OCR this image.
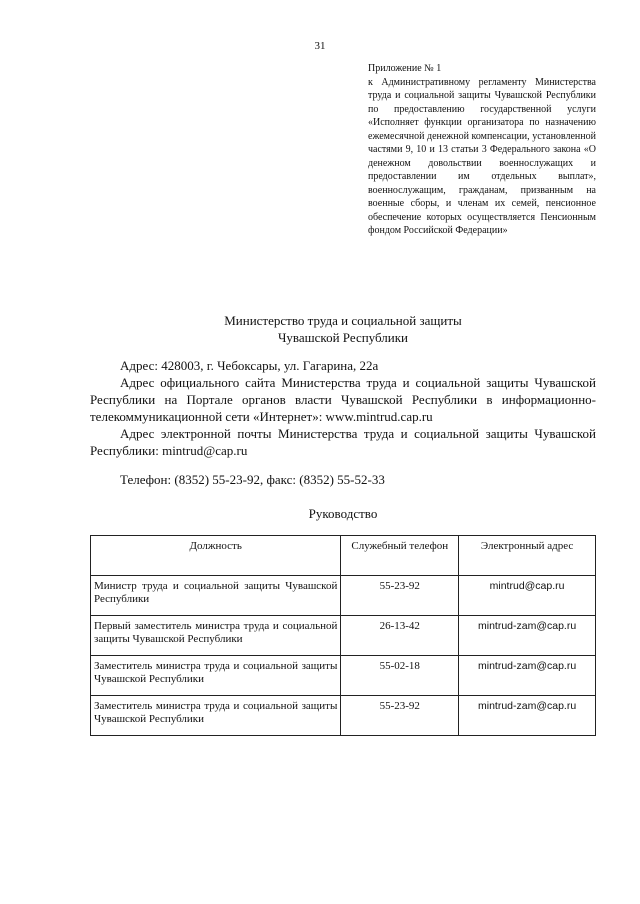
31
Приложение № 1
к Административному регламенту Министерства труда и социальной защиты Чувашской Республики по предоставлению государственной услуги «Исполняет функции организатора по назначению ежемесячной денежной компенсации, установленной частями 9, 10 и 13 статьи 3 Федерального закона «О денежном довольствии военнослужащих и предоставлении им отдельных выплат», военнослужащим, гражданам, призванным на военные сборы, и членам их семей, пенсионное обеспечение которых осуществляется Пенсионным фондом Российской Федерации»
Министерство труда и социальной защиты
Чувашской Республики

Адрес: 428003, г. Чебоксары, ул. Гагарина, 22а

Адрес официального сайта Министерства труда и социальной защиты Чувашской Республики на Портале органов власти Чувашской Республики в информационно-телекоммуникационной сети «Интернет»: www.mintrud.cap.ru

Адрес электронной почты Министерства труда и социальной защиты Чувашской Республики: mintrud@cap.ru

Телефон: (8352) 55-23-92, факс: (8352) 55-52-33
Руководство
Должность	Служебный телефон	Электронный адрес
Министр труда и социальной защиты Чувашской Республики	55-23-92	mintrud@cap.ru
Первый заместитель министра труда и социальной защиты Чувашской Республики	26-13-42	mintrud-zam@cap.ru
Заместитель министра труда и социальной защиты Чувашской Республики	55-02-18	mintrud-zam@cap.ru
Заместитель министра труда и социальной защиты Чувашской Республики	55-23-92	mintrud-zam@cap.ru
